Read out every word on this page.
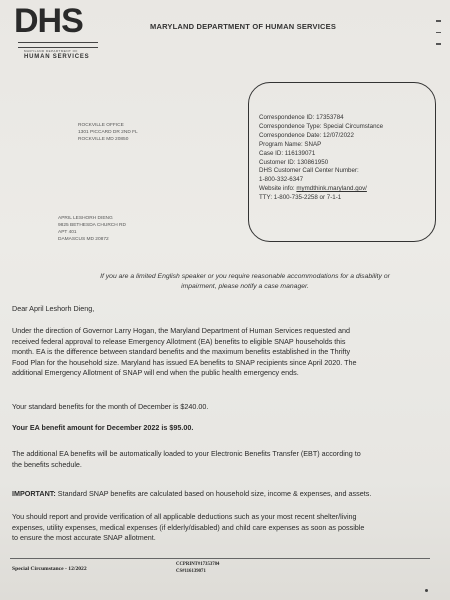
DHS
MARYLAND DEPARTMENT OF
HUMAN SERVICES
MARYLAND DEPARTMENT OF HUMAN SERVICES
ROCKVILLE OFFICE
1301 PICCARD DR 2ND FL
ROCKVILLE MD 20850
Correspondence ID: 17353784
Correspondence Type: Special Circumstance
Correspondence Date: 12/07/2022
Program Name: SNAP
Case ID: 116139071
Customer ID: 130861950
DHS Customer Call Center Number:
1-800-332-6347
Website info: mymdthink.maryland.gov/
TTY: 1-800-735-2258 or 7-1-1
APRIL LESHORH DIENG
9825 BETHESDA CHURCH RD
APT 401
DAMASCUS MD 20872
If you are a limited English speaker or you require reasonable accommodations for a disability or
impairment, please notify a case manager.

Dear April Leshorh Dieng,

Under the direction of Governor Larry Hogan, the Maryland Department of Human Services requested and

received federal approval to release Emergency Allotment (EA) benefits to eligible SNAP households this

month. EA is the difference between standard benefits and the maximum benefits established in the Thrifty

Food Plan for the household size. Maryland has issued EA benefits to SNAP recipients since April 2020. The

additional Emergency Allotment of SNAP will end when the public health emergency ends.

Your standard benefits for the month of December is $240.00.

Your EA benefit amount for December 2022 is $95.00.

The additional EA benefits will be automatically loaded to your Electronic Benefits Transfer (EBT) according to

the benefits schedule.

IMPORTANT: Standard SNAP benefits are calculated based on household size, income & expenses, and assets.

You should report and provide verification of all applicable deductions such as your most recent shelter/living

expenses, utility expenses, medical expenses (if elderly/disabled) and child care expenses as soon as possible

to ensure the most accurate SNAP allotment.

Special Circumstance - 12/2022
CCPRINT#17353784
CS#116139071
